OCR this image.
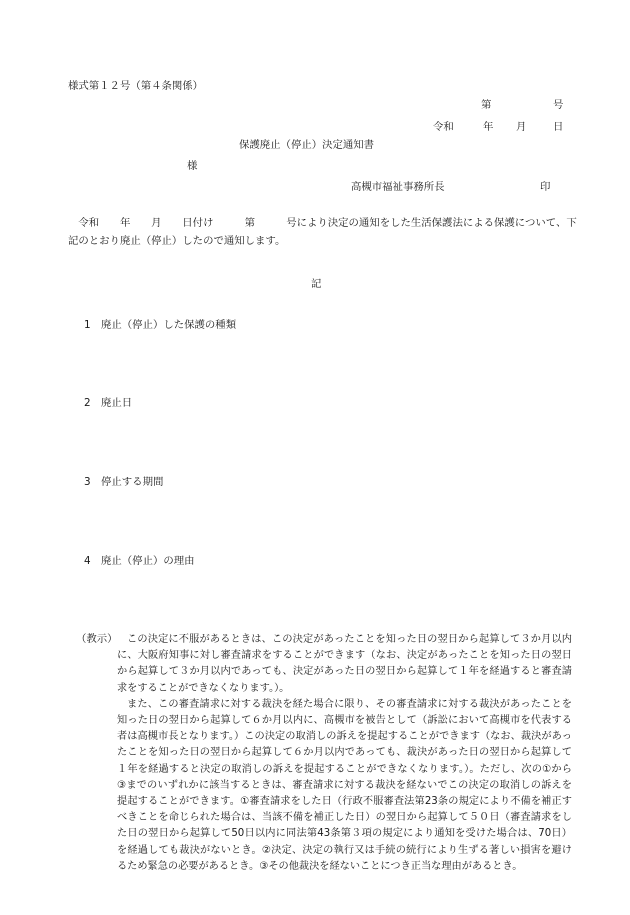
様式第１２号（第４条関係）
第	号
令和	年 月	日
保護廃止（停止）決定通知書
様
高槻市福祉事務所長	印
　令和　　年　　月　　日付け　　　第　　　号により決定の通知をした生活保護法による保護について、下記のとおり廃止（停止）したので通知します。
記
1　廃止（停止）した保護の種類
2　廃止日
3　停止する期間
4　廃止（停止）の理由
（教示） この決定に不服があるときは、この決定があったことを知った日の翌日から起算して３か月以内に、大阪府知事に対し審査請求をすることができます（なお、決定があったことを知った日の翌日から起算して３か月以内であっても、決定があった日の翌日から起算して１年を経過すると審査請求をすることができなくなります。）。

また、この審査請求に対する裁決を経た場合に限り、その審査請求に対する裁決があったことを知った日の翌日から起算して６か月以内に、高槻市を被告として（訴訟において高槻市を代表する者は高槻市長となります。）この決定の取消しの訴えを提起することができます（なお、裁決があったことを知った日の翌日から起算して６か月以内であっても、裁決があった日の翌日から起算して１年を経過すると決定の取消しの訴えを提起することができなくなります。）。ただし、次の①から③までのいずれかに該当するときは、審査請求に対する裁決を経ないでこの決定の取消しの訴えを提起することができます。①審査請求をした日（行政不服審査法第23条の規定により不備を補正すべきことを命じられた場合は、当該不備を補正した日）の翌日から起算して５０日（審査請求をした日の翌日から起算して50日以内に同法第43条第３項の規定により通知を受けた場合は、70日）を経過しても裁決がないとき。②決定、決定の執行又は手続の続行により生ずる著しい損害を避けるため緊急の必要があるとき。③その他裁決を経ないことにつき正当な理由があるとき。
